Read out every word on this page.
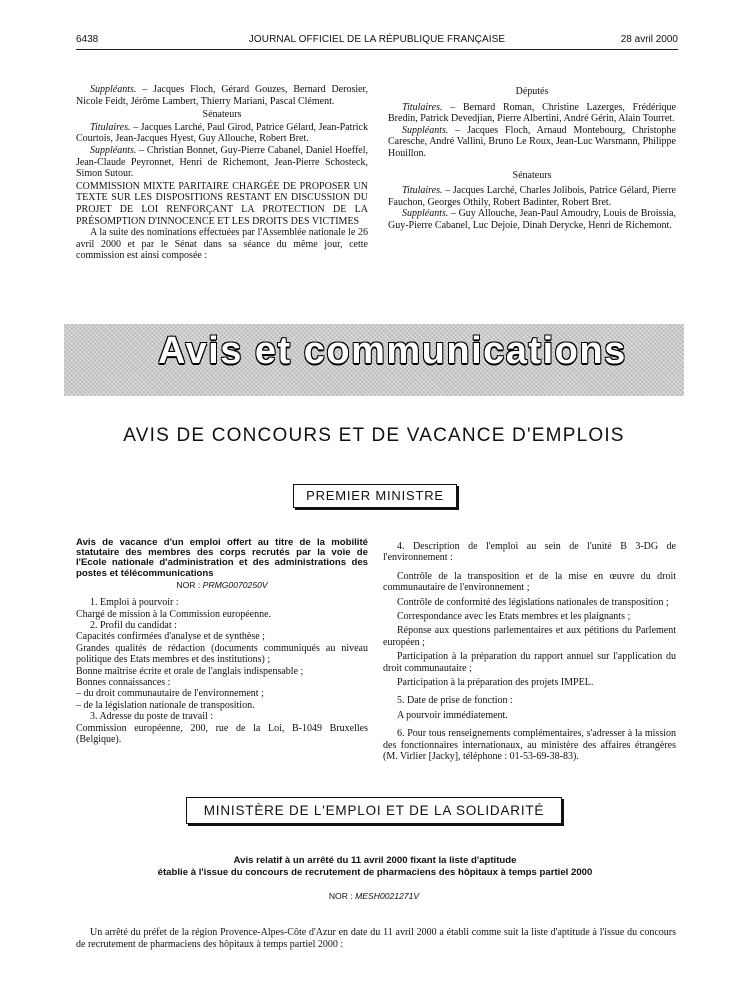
6438	JOURNAL OFFICIEL DE LA RÉPUBLIQUE FRANÇAISE	28 avril 2000

Suppléants. – Jacques Floch, Gérard Gouzes, Bernard Derosier, Nicole Feidt, Jérôme Lambert, Thierry Mariani, Pascal Clément.

Sénateurs

Titulaires. – Jacques Larché, Paul Girod, Patrice Gélard, Jean-Patrick Courtois, Jean-Jacques Hyest, Guy Allouche, Robert Bret.

Suppléants. – Christian Bonnet, Guy-Pierre Cabanel, Daniel Hoeffel, Jean-Claude Peyronnet, Henri de Richemont, Jean-Pierre Schosteck, Simon Sutour.

COMMISSION MIXTE PARITAIRE CHARGÉE DE PROPOSER UN TEXTE SUR LES DISPOSITIONS RESTANT EN DISCUSSION DU PROJET DE LOI RENFORÇANT LA PROTECTION DE LA PRÉSOMPTION D'INNOCENCE ET LES DROITS DES VICTIMES

A la suite des nominations effectuées par l'Assemblée nationale le 26 avril 2000 et par le Sénat dans sa séance du même jour, cette commission est ainsi composée :

Députés

Titulaires. – Bernard Roman, Christine Lazerges, Frédérique Bredin, Patrick Devedjian, Pierre Albertini, André Gérin, Alain Tourret.

Suppléants. – Jacques Floch, Arnaud Montebourg, Christophe Caresche, André Vallini, Bruno Le Roux, Jean-Luc Warsmann, Philippe Houillon.

Sénateurs

Titulaires. – Jacques Larché, Charles Jolibois, Patrice Gélard, Pierre Fauchon, Georges Othily, Robert Badinter, Robert Bret.

Suppléants. – Guy Allouche, Jean-Paul Amoudry, Louis de Broissia, Guy-Pierre Cabanel, Luc Dejoie, Dinah Derycke, Henri de Richemont.

Avis et communications
AVIS DE CONCOURS ET DE VACANCE D'EMPLOIS
PREMIER MINISTRE

Avis de vacance d'un emploi offert au titre de la mobilité statutaire des membres des corps recrutés par la voie de l'Ecole nationale d'administration et des administrations des postes et télécommunications

NOR : PRMG0070250V

1. Emploi à pourvoir :

Chargé de mission à la Commission européenne.

2. Profil du candidat :

Capacités confirmées d'analyse et de synthèse ;

Grandes qualités de rédaction (documents communiqués au niveau politique des Etats membres et des institutions) ;

Bonne maîtrise écrite et orale de l'anglais indispensable ;

Bonnes connaissances :

– du droit communautaire de l'environnement ;

– de la législation nationale de transposition.

3. Adresse du poste de travail :

Commission européenne, 200, rue de la Loi, B-1049 Bruxelles (Belgique).

4. Description de l'emploi au sein de l'unité B 3-DG de l'environnement :

Contrôle de la transposition et de la mise en œuvre du droit communautaire de l'environnement ;

Contrôle de conformité des législations nationales de transposition ;

Correspondance avec les Etats membres et les plaignants ;

Réponse aux questions parlementaires et aux pétitions du Parlement européen ;

Participation à la préparation du rapport annuel sur l'application du droit communautaire ;

Participation à la préparation des projets IMPEL.

5. Date de prise de fonction :

A pourvoir immédiatement.

6. Pour tous renseignements complémentaires, s'adresser à la mission des fonctionnaires internationaux, au ministère des affaires étrangères (M. Virlier [Jacky], téléphone : 01-53-69-38-83).

MINISTÈRE DE L'EMPLOI ET DE LA SOLIDARITÉ
Avis relatif à un arrêté du 11 avril 2000 fixant la liste d'aptitude
établie à l'issue du concours de recrutement de pharmaciens des hôpitaux à temps partiel 2000
NOR : MESH0021271V
Un arrêté du préfet de la région Provence-Alpes-Côte d'Azur en date du 11 avril 2000 a établi comme suit la liste d'aptitude à l'issue du concours de recrutement de pharmaciens des hôpitaux à temps partiel 2000 :
